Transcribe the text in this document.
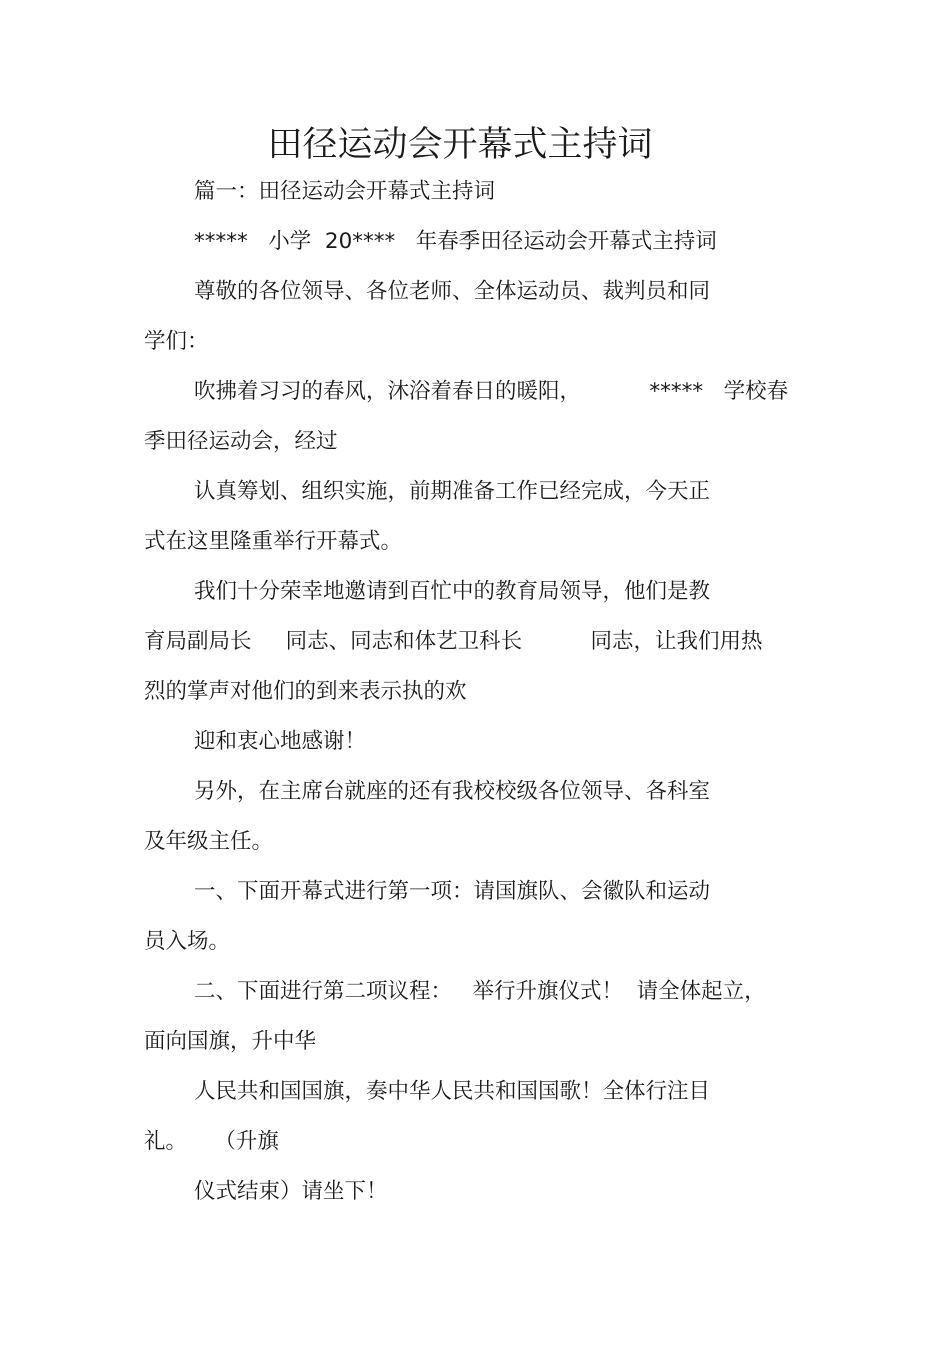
田径运动会开幕式主持词
篇一：田径运动会开幕式主持词
*****   小学  20****   年春季田径运动会开幕式主持词
尊敬的各位领导、各位老师、全体运动员、裁判员和同
学们：
吹拂着习习的春风，沐浴着春日的暖阳，          *****   学校春
季田径运动会，经过
认真筹划、组织实施，前期准备工作已经完成，今天正
式在这里隆重举行开幕式。
我们十分荣幸地邀请到百忙中的教育局领导，他们是教
育局副局长     同志、同志和体艺卫科长          同志，让我们用热
烈的掌声对他们的到来表示执的欢
迎和衷心地感谢！
另外，在主席台就座的还有我校校级各位领导、各科室
及年级主任。
一、下面开幕式进行第一项：请国旗队、会徽队和运动
员入场。
二、下面进行第二项议程：   举行升旗仪式！  请全体起立，
面向国旗，升中华
人民共和国国旗，奏中华人民共和国国歌！全体行注目
礼。    （升旗
仪式结束）请坐下！
